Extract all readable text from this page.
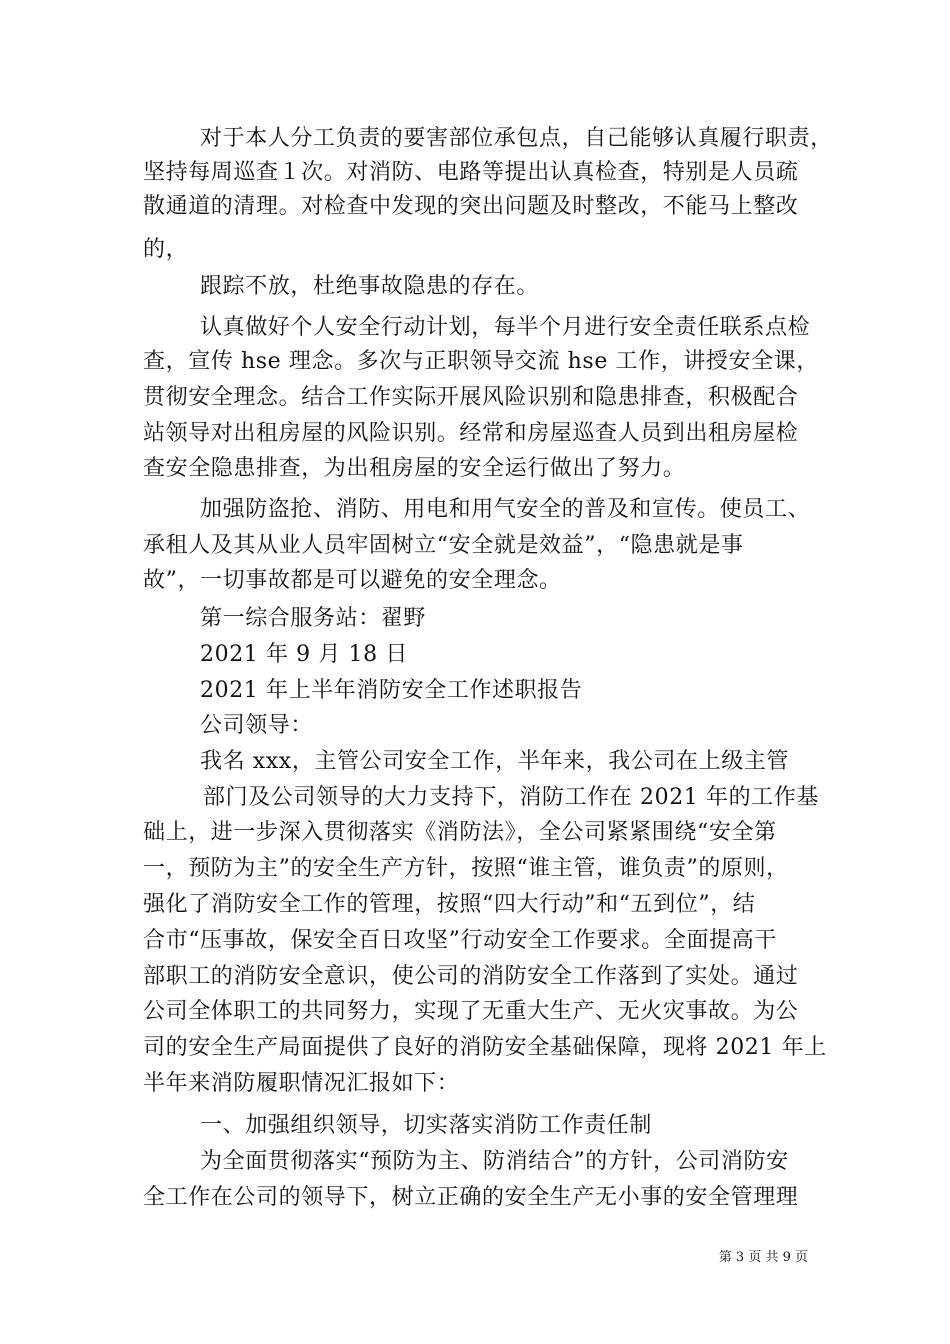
对于本人分工负责的要害部位承包点，自己能够认真履行职责，
坚持每周巡查１次。对消防、电路等提出认真检查，特别是人员疏
散通道的清理。对检查中发现的突出问题及时整改，不能马上整改
的，
跟踪不放，杜绝事故隐患的存在。
认真做好个人安全行动计划，每半个月进行安全责任联系点检
查，宣传 hse 理念。多次与正职领导交流 hse 工作，讲授安全课，
贯彻安全理念。结合工作实际开展风险识别和隐患排查，积极配合
站领导对出租房屋的风险识别。经常和房屋巡查人员到出租房屋检
查安全隐患排查，为出租房屋的安全运行做出了努力。
加强防盗抢、消防、用电和用气安全的普及和宣传。使员工、
承租人及其从业人员牢固树立“安全就是效益”，“隐患就是事
故”，一切事故都是可以避免的安全理念。
第一综合服务站：翟野
2021 年 9 月 18 日
2021 年上半年消防安全工作述职报告
公司领导：
我名 xxx，主管公司安全工作，半年来，我公司在上级主管
部门及公司领导的大力支持下，消防工作在 2021 年的工作基
础上，进一步深入贯彻落实《消防法》，全公司紧紧围绕“安全第
一，预防为主”的安全生产方针，按照“谁主管，谁负责”的原则，
强化了消防安全工作的管理，按照“四大行动”和“五到位”，结
合市“压事故，保安全百日攻坚”行动安全工作要求。全面提高干
部职工的消防安全意识，使公司的消防安全工作落到了实处。通过
公司全体职工的共同努力，实现了无重大生产、无火灾事故。为公
司的安全生产局面提供了良好的消防安全基础保障，现将 2021 年上
半年来消防履职情况汇报如下：
一、加强组织领导，切实落实消防工作责任制
为全面贯彻落实“预防为主、防消结合”的方针，公司消防安
全工作在公司的领导下，树立正确的安全生产无小事的安全管理理
第 3 页 共 9 页
